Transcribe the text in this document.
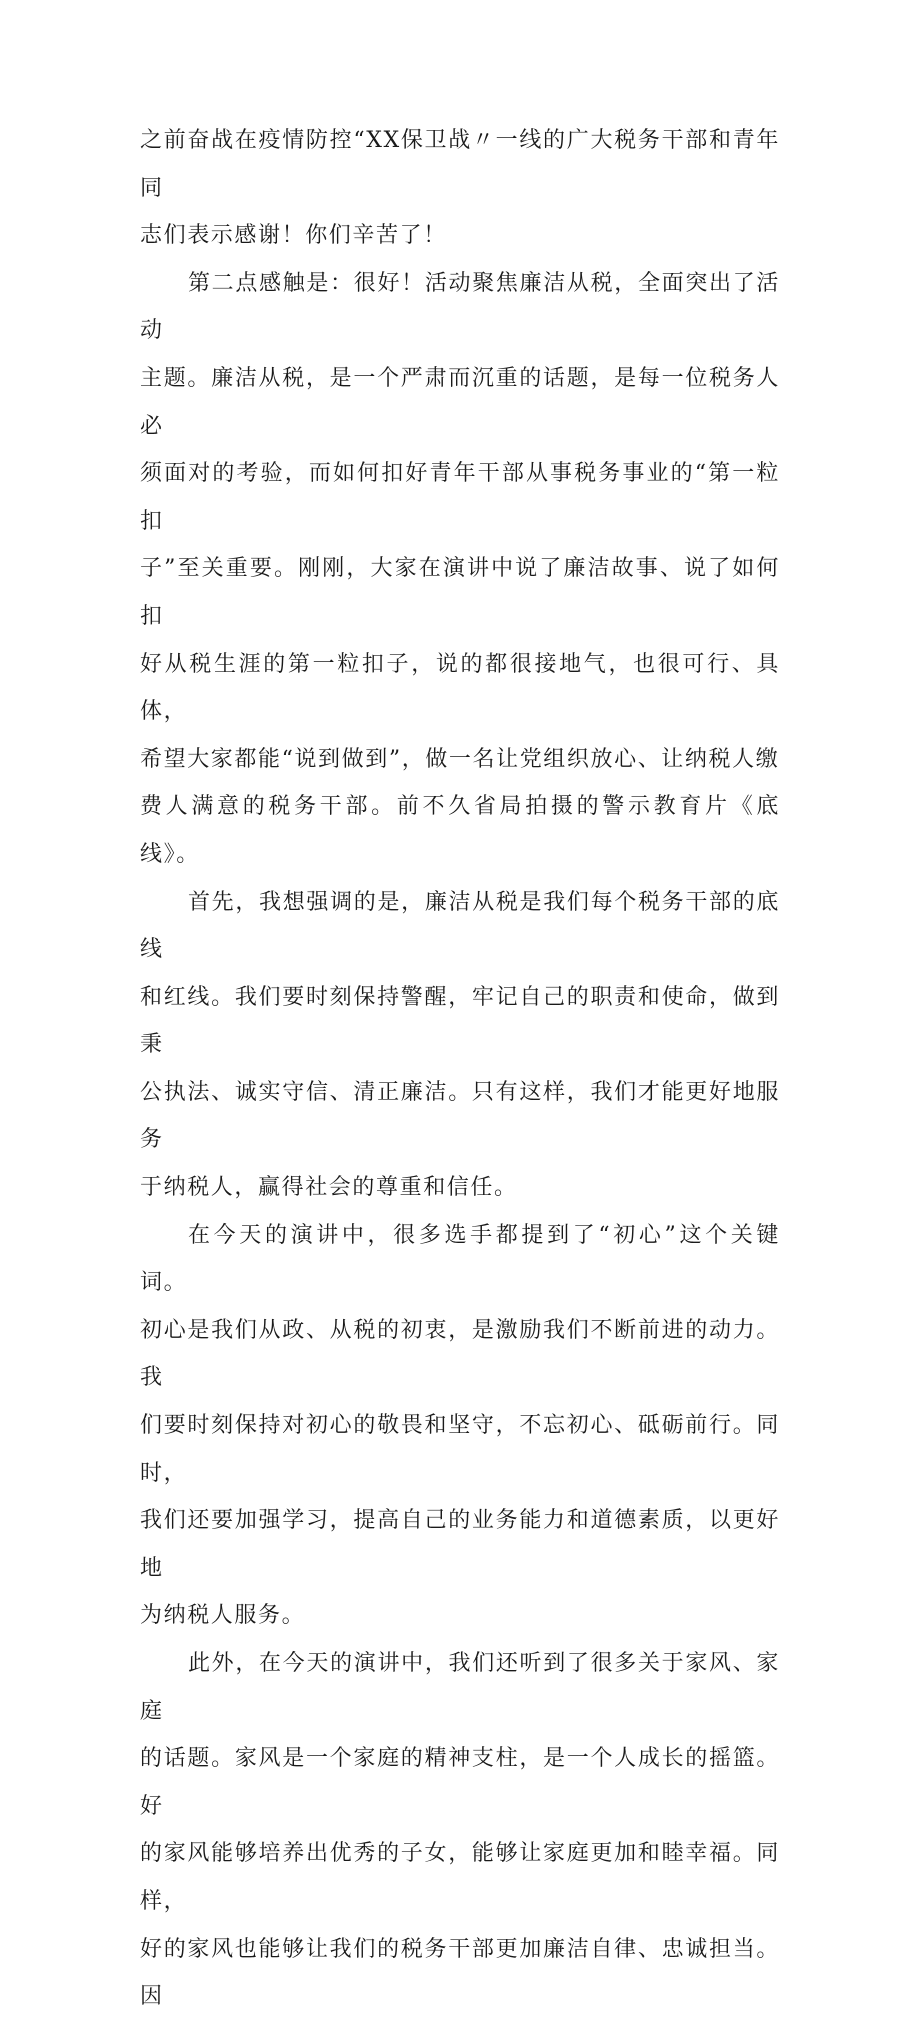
之前奋战在疫情防控“XX保卫战〃一线的广大税务干部和青年同
志们表示感谢！你们辛苦了！
第二点感触是：很好！活动聚焦廉洁从税，全面突出了活动
主题。廉洁从税，是一个严肃而沉重的话题，是每一位税务人必
须面对的考验，而如何扣好青年干部从事税务事业的“第一粒扣
子”至关重要。刚刚，大家在演讲中说了廉洁故事、说了如何扣
好从税生涯的第一粒扣子，说的都很接地气，也很可行、具体，
希望大家都能“说到做到”，做一名让党组织放心、让纳税人缴
费人满意的税务干部。前不久省局拍摄的警示教育片《底线》。
首先，我想强调的是，廉洁从税是我们每个税务干部的底线
和红线。我们要时刻保持警醒，牢记自己的职责和使命，做到秉
公执法、诚实守信、清正廉洁。只有这样，我们才能更好地服务
于纳税人，赢得社会的尊重和信任。
在今天的演讲中，很多选手都提到了“初心”这个关键词。
初心是我们从政、从税的初衷，是激励我们不断前进的动力。我
们要时刻保持对初心的敬畏和坚守，不忘初心、砥砺前行。同时，
我们还要加强学习，提高自己的业务能力和道德素质，以更好地
为纳税人服务。
此外，在今天的演讲中，我们还听到了很多关于家风、家庭
的话题。家风是一个家庭的精神支柱，是一个人成长的摇篮。好
的家风能够培养出优秀的子女，能够让家庭更加和睦幸福。同样，
好的家风也能够让我们的税务干部更加廉洁自律、忠诚担当。因
